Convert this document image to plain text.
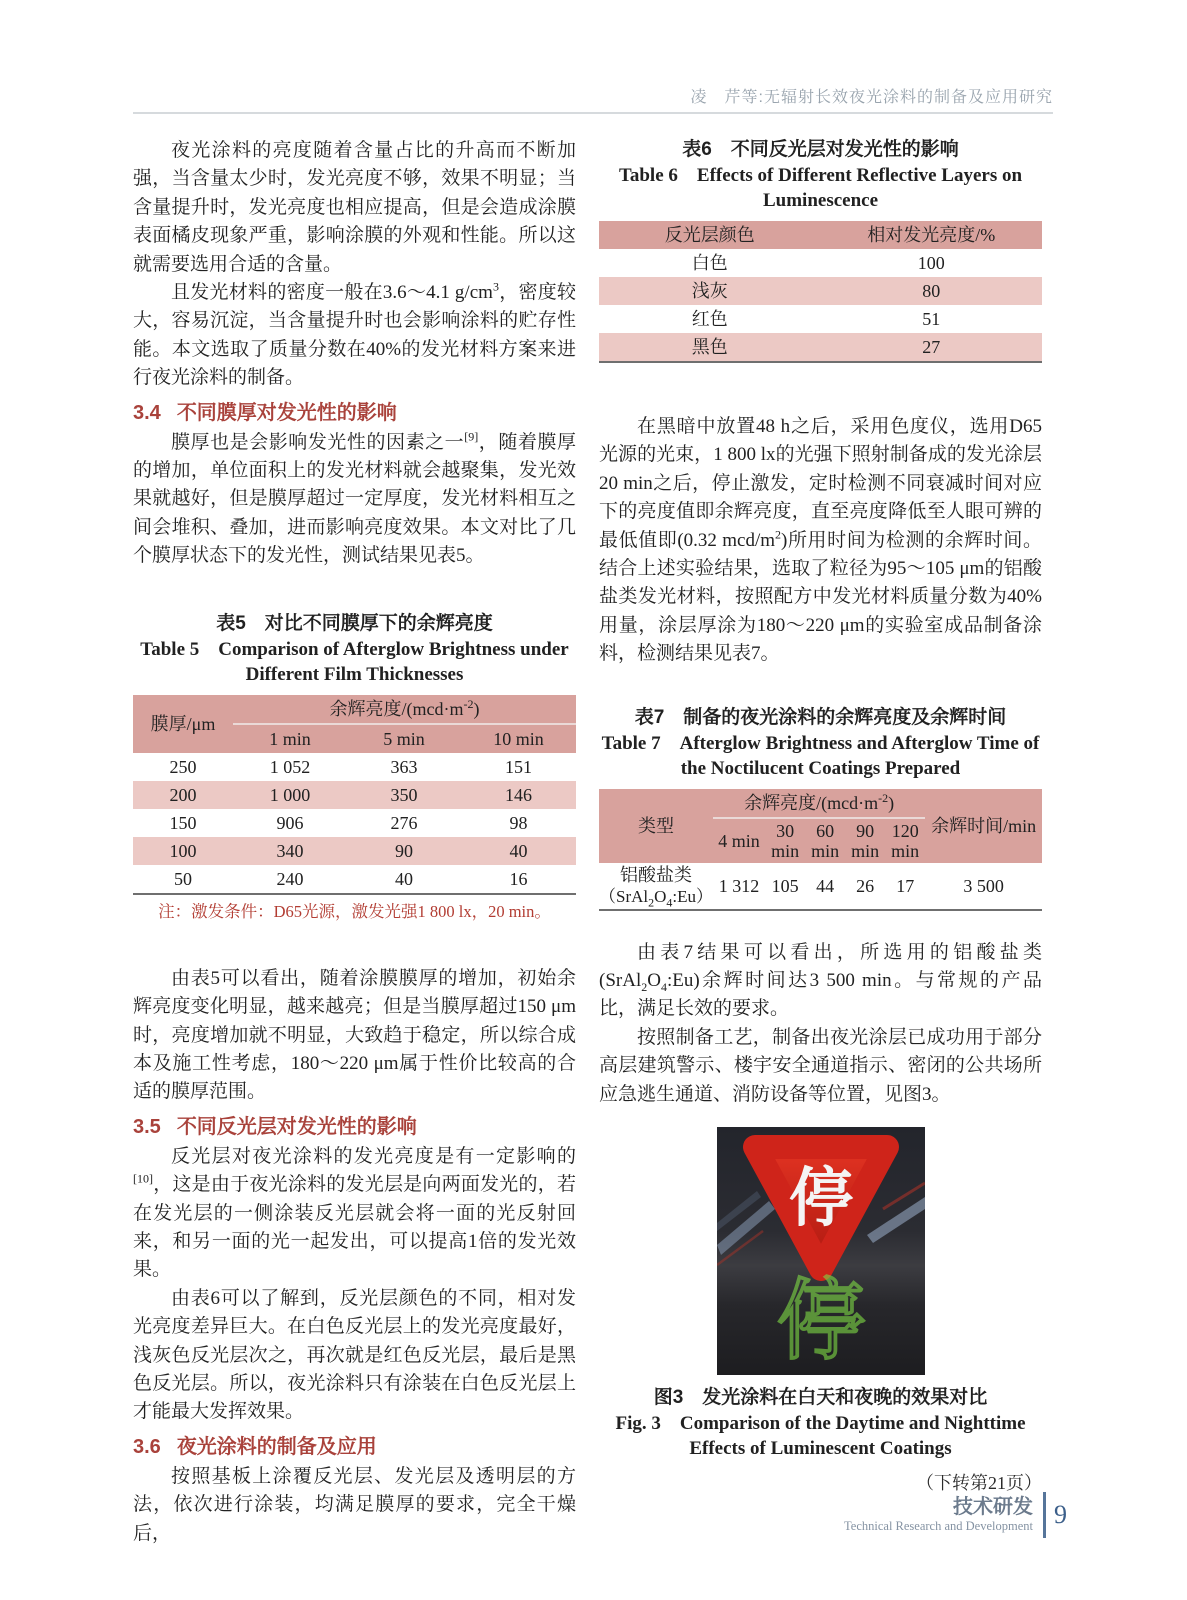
凌　芹等:无辐射长效夜光涂料的制备及应用研究

夜光涂料的亮度随着含量占比的升高而不断加强，当含量太少时，发光亮度不够，效果不明显；当含量提升时，发光亮度也相应提高，但是会造成涂膜表面橘皮现象严重，影响涂膜的外观和性能。所以这就需要选用合适的含量。

且发光材料的密度一般在3.6～4.1 $g/cm^3$，密度较大，容易沉淀，当含量提升时也会影响涂料的贮存性能。本文选取了质量分数在40%的发光材料方案来进行夜光涂料的制备。

3.4 不同膜厚对发光性的影响

膜厚也是会影响发光性的因素之一[9]，随着膜厚的增加，单位面积上的发光材料就会越聚集，发光效果就越好，但是膜厚超过一定厚度，发光材料相互之间会堆积、叠加，进而影响亮度效果。本文对比了几个膜厚状态下的发光性，测试结果见表5。

表5　对比不同膜厚下的余辉亮度
Table 5　Comparison of Afterglow Brightness under Different Film Thicknesses
膜厚/μm	余辉亮度$/(mcd\cdot m^{-2})$		
	1 min	5 min	10 min
250	1 052	363	151
200	1 000	350	146
150	906	276	98
100	340	90	40
50	240	40	16
注：激发条件：D65光源，激发光强1 800 lx，20 min。

由表5可以看出，随着涂膜膜厚的增加，初始余辉亮度变化明显，越来越亮；但是当膜厚超过150 μm时，亮度增加就不明显，大致趋于稳定，所以综合成本及施工性考虑，180～220 μm属于性价比较高的合适的膜厚范围。

3.5 不同反光层对发光性的影响

反光层对夜光涂料的发光亮度是有一定影响的[10]，这是由于夜光涂料的发光层是向两面发光的，若在发光层的一侧涂装反光层就会将一面的光反射回来，和另一面的光一起发出，可以提高1倍的发光效果。

由表6可以了解到，反光层颜色的不同，相对发光亮度差异巨大。在白色反光层上的发光亮度最好，浅灰色反光层次之，再次就是红色反光层，最后是黑色反光层。所以，夜光涂料只有涂装在白色反光层上才能最大发挥效果。

3.6 夜光涂料的制备及应用

按照基板上涂覆反光层、发光层及透明层的方法，依次进行涂装，均满足膜厚的要求，完全干燥后，

表6　不同反光层对发光性的影响
Table 6　Effects of Different Reflective Layers on Luminescence
反光层颜色	相对发光亮度/%
白色	100
浅灰	80
红色	51
黑色	27

在黑暗中放置48 h之后，采用色度仪，选用D65光源的光束，1 800 lx的光强下照射制备成的发光涂层20 min之后，停止激发，定时检测不同衰减时间对应下的亮度值即余辉亮度，直至亮度降低至人眼可辨的最低值即(0.32 mcd/$m^2$)所用时间为检测的余辉时间。结合上述实验结果，选取了粒径为95～105 μm的铝酸盐类发光材料，按照配方中发光材料质量分数为40%用量，涂层厚涂为180～220 μm的实验室成品制备涂料，检测结果见表7。

表7　制备的夜光涂料的余辉亮度及余辉时间
Table 7　Afterglow Brightness and Afterglow Time of the Noctilucent Coatings Prepared
类型	余辉亮度$/(mcd\cdot m^{-2})$					余辉时间/min
	4 min	30 min	60 min	90 min	120 min	

铝酸盐类
$(SrAl_2O_4:Eu)$	1 312	105	44	26	17	3 500

由表7结果可以看出，所选用的铝酸盐类$(SrAl_2O_4:Eu)$余辉时间达3 500 min。与常规的产品比，满足长效的要求。

按照制备工艺，制备出夜光涂层已成功用于部分高层建筑警示、楼宇安全通道指示、密闭的公共场所应急逃生通道、消防设备等位置，见图3。

停
停
图3　发光涂料在白天和夜晚的效果对比
Fig. 3　Comparison of the Daytime and Nighttime Effects of Luminescent Coatings
（下转第21页）
技术研发
Technical Research and Development 9
